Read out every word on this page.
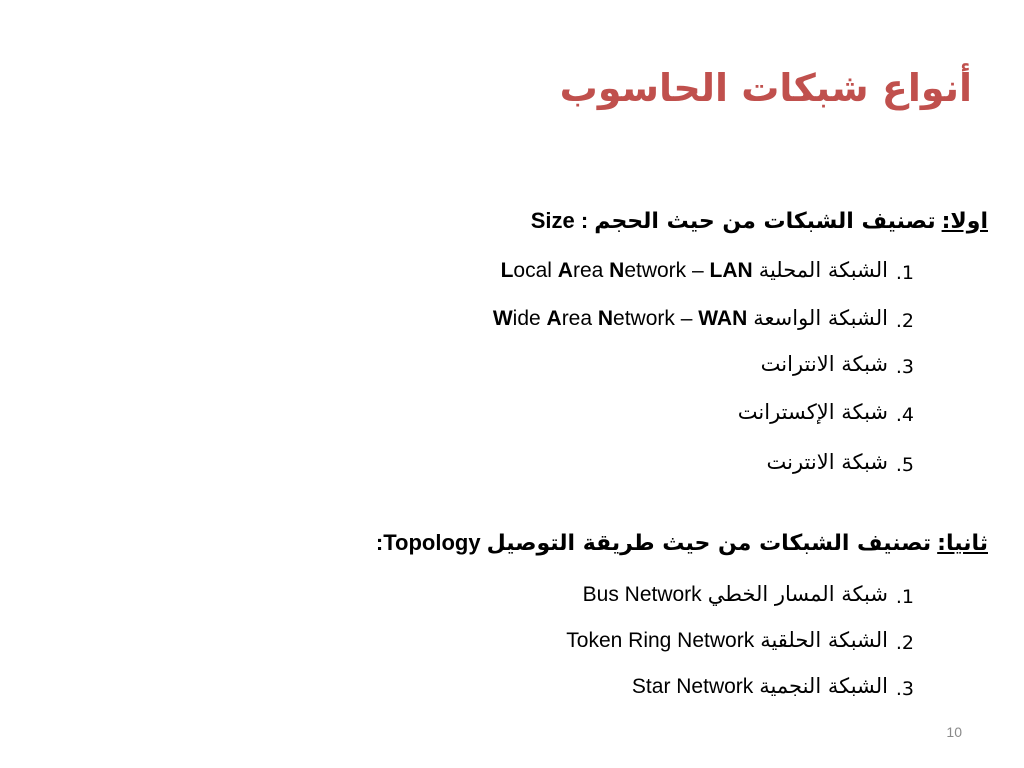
أنواع شبكات الحاسوب
اولا:
تصنيف الشبكات من حيث الحجم
Size :
.1
الشبكة المحلية
Local Area Network – LAN
.2
الشبكة الواسعة
Wide Area Network – WAN
.3
شبكة الانترانت
.4
شبكة الإكسترانت
.5
شبكة الانترنت
ثانيا:
تصنيف الشبكات من حيث طريقة التوصيل
:Topology
.1
شبكة المسار الخطي
Bus Network
.2
الشبكة الحلقية
Token Ring Network
.3
الشبكة النجمية
Star Network
10
